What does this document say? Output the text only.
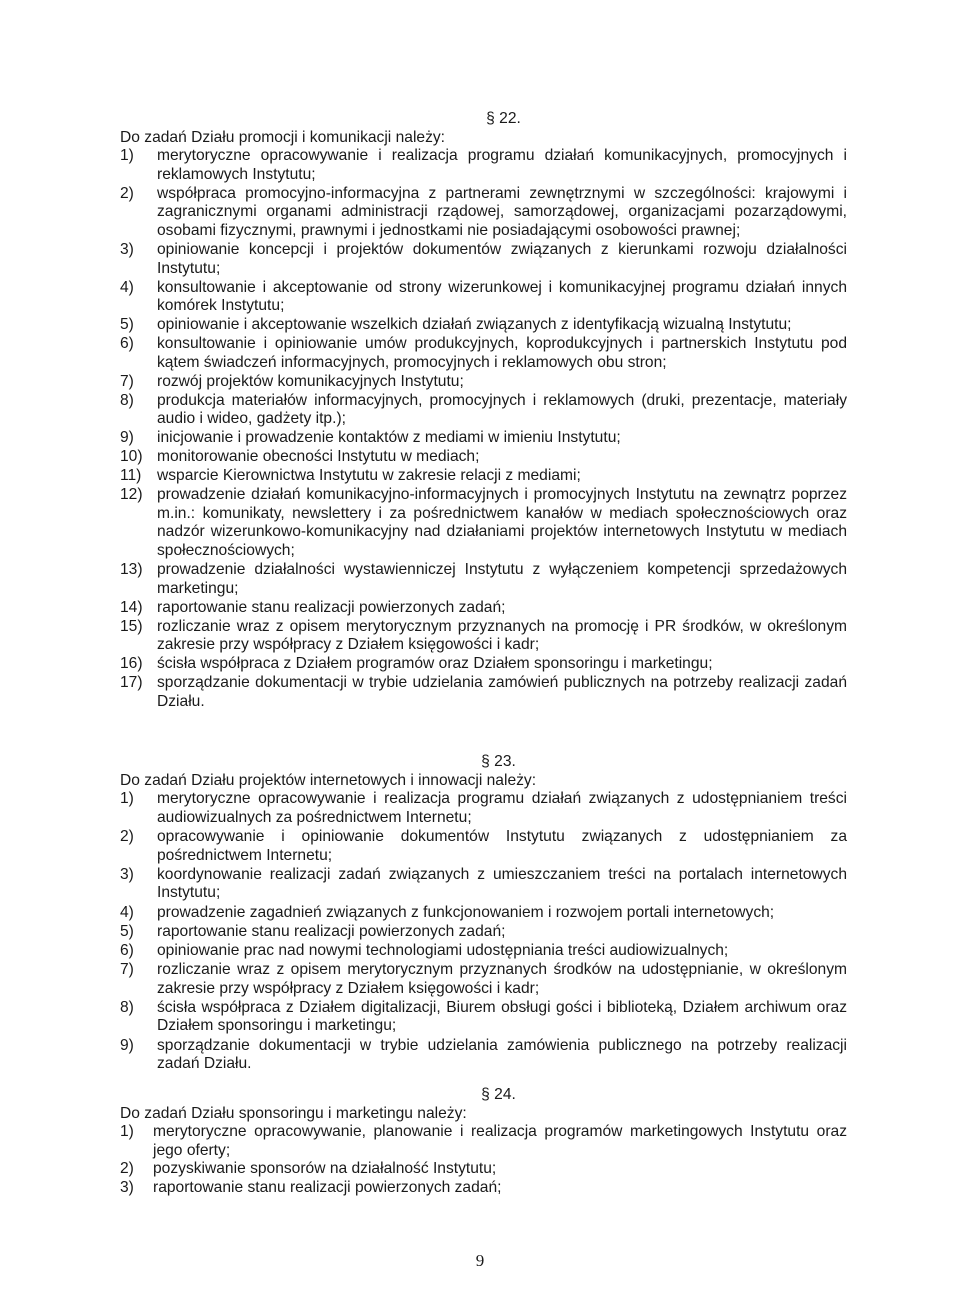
§ 22.

Do zadań Działu promocji i komunikacji należy:

1)	merytoryczne opracowywanie i realizacja programu działań komunikacyjnych, promocyjnych i reklamowych Instytutu;
2)	współpraca promocyjno-informacyjna z partnerami zewnętrznymi w szczególności: krajowymi i zagranicznymi organami administracji rządowej, samorządowej, organizacjami pozarządowymi, osobami fizycznymi, prawnymi i jednostkami nie posiadającymi osobowości prawnej;
3)	opiniowanie koncepcji i projektów dokumentów związanych z kierunkami rozwoju działalności Instytutu;
4)	konsultowanie i akceptowanie od strony wizerunkowej i komunikacyjnej programu działań innych komórek Instytutu;
5)	opiniowanie i akceptowanie wszelkich działań związanych z identyfikacją wizualną Instytutu;
6)	konsultowanie i opiniowanie umów produkcyjnych, koprodukcyjnych i partnerskich Instytutu pod kątem świadczeń informacyjnych, promocyjnych i reklamowych obu stron;
7)	rozwój projektów komunikacyjnych Instytutu;
8)	produkcja materiałów informacyjnych, promocyjnych i reklamowych (druki, prezentacje, materiały audio i wideo, gadżety itp.);
9)	inicjowanie i prowadzenie kontaktów z mediami w imieniu Instytutu;
10) monitorowanie obecności Instytutu w mediach;
11)	wsparcie Kierownictwa Instytutu w zakresie relacji z mediami;
12) prowadzenie działań komunikacyjno-informacyjnych i promocyjnych Instytutu na zewnątrz poprzez m.in.: komunikaty, newslettery i za pośrednictwem kanałów w mediach społecznościowych oraz nadzór wizerunkowo-komunikacyjny nad działaniami projektów internetowych Instytutu w mediach społecznościowych;
13) prowadzenie działalności wystawienniczej Instytutu z wyłączeniem kompetencji sprzedażowych marketingu;
14) raportowanie stanu realizacji powierzonych zadań;
15) rozliczanie wraz z opisem merytorycznym przyznanych na promocję i PR środków, w określonym zakresie przy współpracy z Działem księgowości i kadr;
16) ścisła współpraca z Działem programów oraz Działem sponsoringu i marketingu;
17) sporządzanie dokumentacji w trybie udzielania zamówień publicznych na potrzeby realizacji zadań Działu.

§ 23.

Do zadań Działu projektów internetowych i innowacji należy:

1)	merytoryczne opracowywanie i realizacja programu działań związanych z udostępnianiem treści audiowizualnych za pośrednictwem Internetu;
2)	opracowywanie i opiniowanie dokumentów Instytutu związanych z udostępnianiem za pośrednictwem Internetu;
3)	koordynowanie realizacji zadań związanych z umieszczaniem treści na portalach internetowych Instytutu;
4)	prowadzenie zagadnień związanych z funkcjonowaniem i rozwojem portali internetowych;
5)	raportowanie stanu realizacji powierzonych zadań;
6)	opiniowanie prac nad nowymi technologiami udostępniania treści audiowizualnych;
7)	rozliczanie wraz z opisem merytorycznym przyznanych środków na udostępnianie, w określonym zakresie przy współpracy z Działem księgowości i kadr;
8)	ścisła współpraca z Działem digitalizacji, Biurem obsługi gości i biblioteką, Działem archiwum oraz Działem sponsoringu i marketingu;
9)	sporządzanie dokumentacji w trybie udzielania zamówienia publicznego na potrzeby realizacji zadań Działu.

§ 24.

Do zadań Działu sponsoringu i marketingu należy:

1)	merytoryczne opracowywanie, planowanie i realizacja programów marketingowych Instytutu oraz jego oferty;
2)	pozyskiwanie sponsorów na działalność Instytutu;
3)	raportowanie stanu realizacji powierzonych zadań;
9
